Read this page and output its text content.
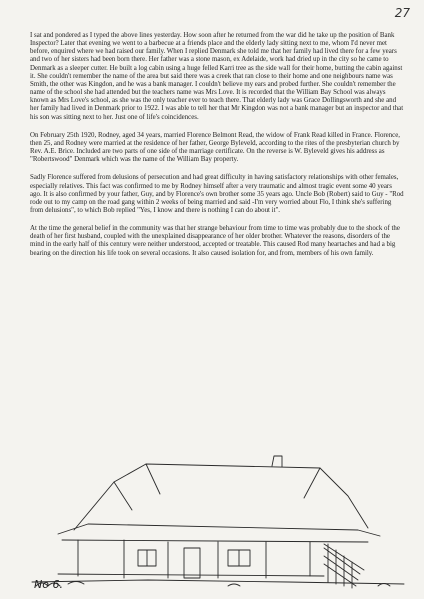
27

I sat and pondered as I typed the above lines yesterday. How soon after he returned from the war did he take up the position of Bank Inspector? Later that evening we went to a barbecue at a friends place and the elderly lady sitting next to me, whom I'd never met before, enquired where we had raised our family. When I replied Denmark she told me that her family had lived there for a few years and two of her sisters had been born there. Her father was a stone mason, ex Adelaide, work had dried up in the city so he came to Denmark as a sleeper cutter. He built a log cabin using a huge felled Karri tree as the side wall for their home, butting the cabin against it. She couldn't remember the name of the area but said there was a creek that ran close to their home and one neighbours name was Smith, the other was Kingdon, and he was a bank manager. I couldn't believe my ears and probed further. She couldn't remember the name of the school she had attended but the teachers name was Mrs Love. It is recorded that the William Bay School was always known as Mrs Love's school, as she was the only teacher ever to teach there. That elderly lady was Grace Dollingsworth and she and her family had lived in Denmark prior to 1922. I was able to tell her that Mr Kingdon was not a bank manager but an inspector and that his son was sitting next to her. Just one of life's coincidences.

On February 25th 1920, Rodney, aged 34 years, married Florence Belmont Read, the widow of Frank Read killed in France. Florence, then 25, and Rodney were married at the residence of her father, George Byleveld, according to the rites of the presbyterian church by Rev. A.E. Brice. Included are two parts of one side of the marriage certificate. On the reverse is W. Byleveld gives his address as "Robertswood" Denmark which was the name of the William Bay property.

Sadly Florence suffered from delusions of persecution and had great difficulty in having satisfactory relationships with other females, especially relatives. This fact was confirmed to me by Rodney himself after a very traumatic and almost tragic event some 40 years ago. It is also confirmed by your father, Guy, and by Florence's own brother some 35 years ago. Uncle Bob (Robert) said to Guy - "Rod rode out to my camp on the road gang within 2 weeks of being married and said -I'm very worried about Flo, I think she's suffering from delusions", to which Bob replied "Yes, I know and there is nothing I can do about it".

At the time the general belief in the community was that her strange behaviour from time to time was probably due to the shock of the death of her first husband, coupled with the unexplained disappearance of her older brother. Whatever the reasons, disorders of the mind in the early half of this century were neither understood, accepted or treatable. This caused Rod many heartaches and had a big bearing on the direction his life took on several occasions. It also caused isolation for, and from, members of his own family.

No 6.
